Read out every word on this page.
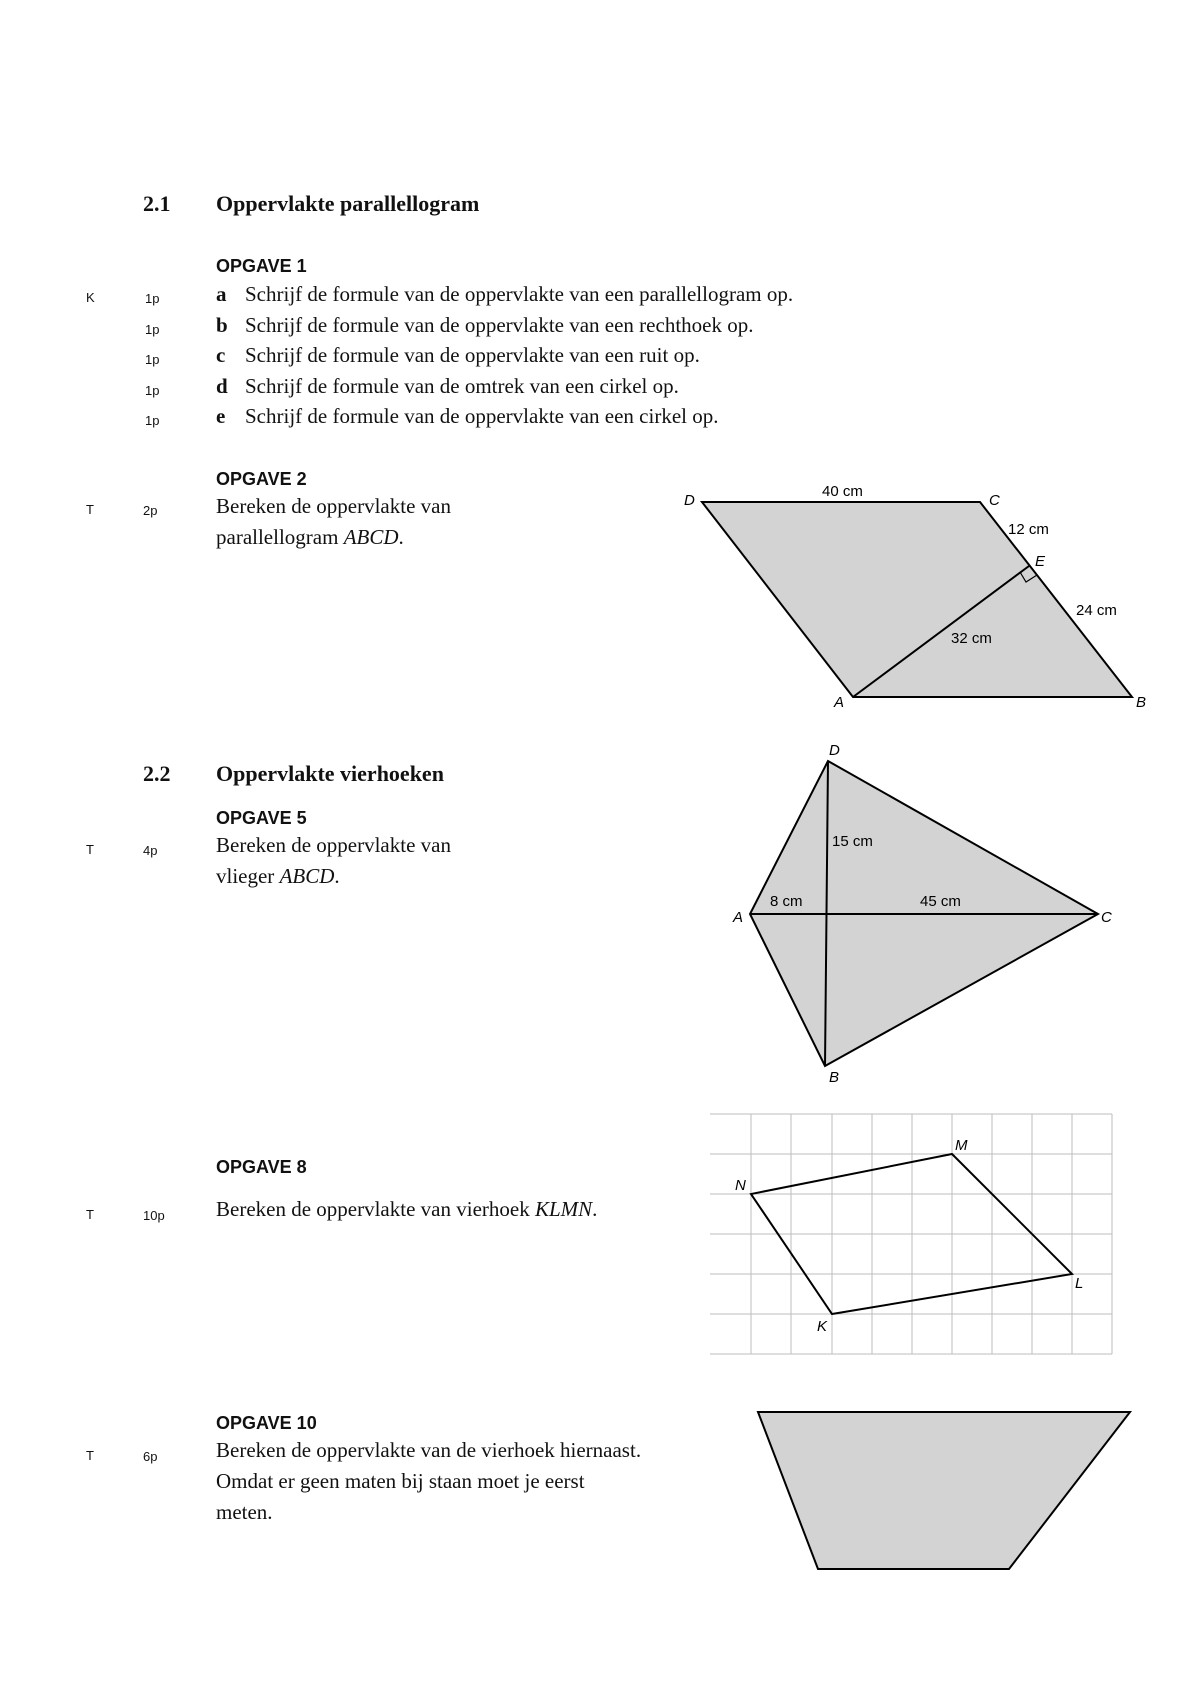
2.1 Oppervlakte parallellogram
OPGAVE 1
K	1p	a Schrijf de formule van de oppervlakte van een parallellogram op.
1p	b Schrijf de formule van de oppervlakte van een rechthoek op.
1p	c Schrijf de formule van de oppervlakte van een ruit op.
1p	d Schrijf de formule van de omtrek van een cirkel op.
1p	e Schrijf de formule van de oppervlakte van een cirkel op.
OPGAVE 2
T	2p	Bereken de oppervlakte van
parallellogram ABCD.
D	C
E
A	B
40 cm
12 cm
24 cm
32 cm
D
A	C
B
15 cm
8 cm	45 cm
M
N
L
K
2.2 Oppervlakte vierhoeken
OPGAVE 5
T	4p	Bereken de oppervlakte van
vlieger ABCD.
OPGAVE 8
T	10p Bereken de oppervlakte van vierhoek KLMN.
OPGAVE 10
T	6p	Bereken de oppervlakte van de vierhoek hiernaast.
Omdat er geen maten bij staan moet je eerst
meten.
